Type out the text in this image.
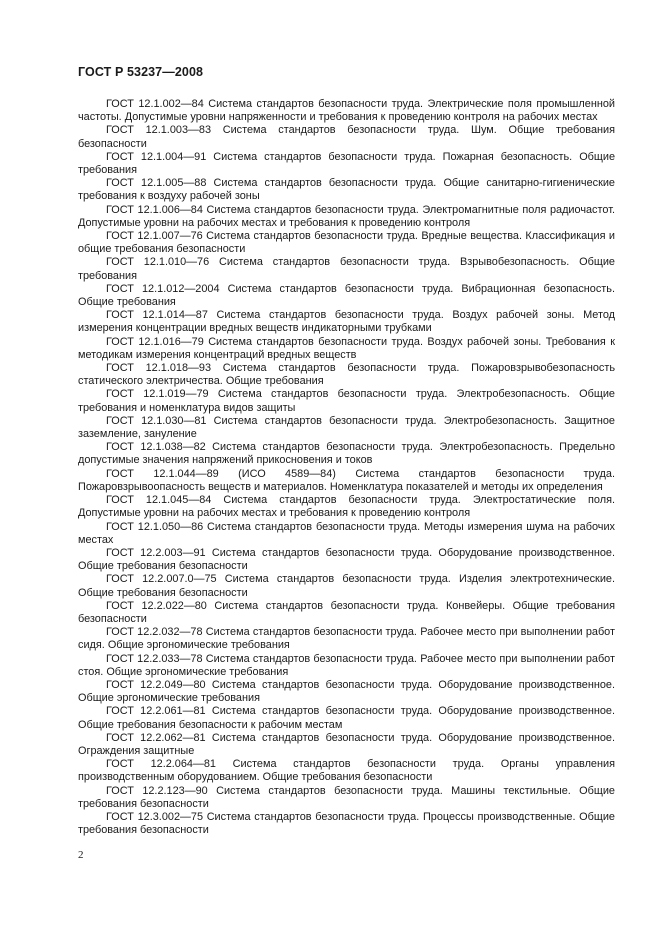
ГОСТ Р 53237—2008

ГОСТ 12.1.002—84 Система стандартов безопасности труда. Электрические поля промышленной частоты. Допустимые уровни напряженности и требования к проведению контроля на рабочих местах

ГОСТ 12.1.003—83 Система стандартов безопасности труда. Шум. Общие требования безопасности

ГОСТ 12.1.004—91 Система стандартов безопасности труда. Пожарная безопасность. Общие требования

ГОСТ 12.1.005—88 Система стандартов безопасности труда. Общие санитарно-гигиенические требования к воздуху рабочей зоны

ГОСТ 12.1.006—84 Система стандартов безопасности труда. Электромагнитные поля радиочастот. Допустимые уровни на рабочих местах и требования к проведению контроля

ГОСТ 12.1.007—76 Система стандартов безопасности труда. Вредные вещества. Классификация и общие требования безопасности

ГОСТ 12.1.010—76 Система стандартов безопасности труда. Взрывобезопасность. Общие требования

ГОСТ 12.1.012—2004 Система стандартов безопасности труда. Вибрационная безопасность. Общие требования

ГОСТ 12.1.014—87 Система стандартов безопасности труда. Воздух рабочей зоны. Метод измерения концентрации вредных веществ индикаторными трубками

ГОСТ 12.1.016—79 Система стандартов безопасности труда. Воздух рабочей зоны. Требования к методикам измерения концентраций вредных веществ

ГОСТ 12.1.018—93 Система стандартов безопасности труда. Пожаровзрывобезопасность статического электричества. Общие требования

ГОСТ 12.1.019—79 Система стандартов безопасности труда. Электробезопасность. Общие требования и номенклатура видов защиты

ГОСТ 12.1.030—81 Система стандартов безопасности труда. Электробезопасность. Защитное заземление, зануление

ГОСТ 12.1.038—82 Система стандартов безопасности труда. Электробезопасность. Предельно допустимые значения напряжений прикосновения и токов

ГОСТ 12.1.044—89 (ИСО 4589—84) Система стандартов безопасности труда. Пожаровзрывоопасность веществ и материалов. Номенклатура показателей и методы их определения

ГОСТ 12.1.045—84 Система стандартов безопасности труда. Электростатические поля. Допустимые уровни на рабочих местах и требования к проведению контроля

ГОСТ 12.1.050—86 Система стандартов безопасности труда. Методы измерения шума на рабочих местах

ГОСТ 12.2.003—91 Система стандартов безопасности труда. Оборудование производственное. Общие требования безопасности

ГОСТ 12.2.007.0—75 Система стандартов безопасности труда. Изделия электротехнические. Общие требования безопасности

ГОСТ 12.2.022—80 Система стандартов безопасности труда. Конвейеры. Общие требования безопасности

ГОСТ 12.2.032—78 Система стандартов безопасности труда. Рабочее место при выполнении работ сидя. Общие эргономические требования

ГОСТ 12.2.033—78 Система стандартов безопасности труда. Рабочее место при выполнении работ стоя. Общие эргономические требования

ГОСТ 12.2.049—80 Система стандартов безопасности труда. Оборудование производственное. Общие эргономические требования

ГОСТ 12.2.061—81 Система стандартов безопасности труда. Оборудование производственное. Общие требования безопасности к рабочим местам

ГОСТ 12.2.062—81 Система стандартов безопасности труда. Оборудование производственное. Ограждения защитные

ГОСТ 12.2.064—81 Система стандартов безопасности труда. Органы управления производственным оборудованием. Общие требования безопасности

ГОСТ 12.2.123—90 Система стандартов безопасности труда. Машины текстильные. Общие требования безопасности

ГОСТ 12.3.002—75 Система стандартов безопасности труда. Процессы производственные. Общие требования безопасности

2
